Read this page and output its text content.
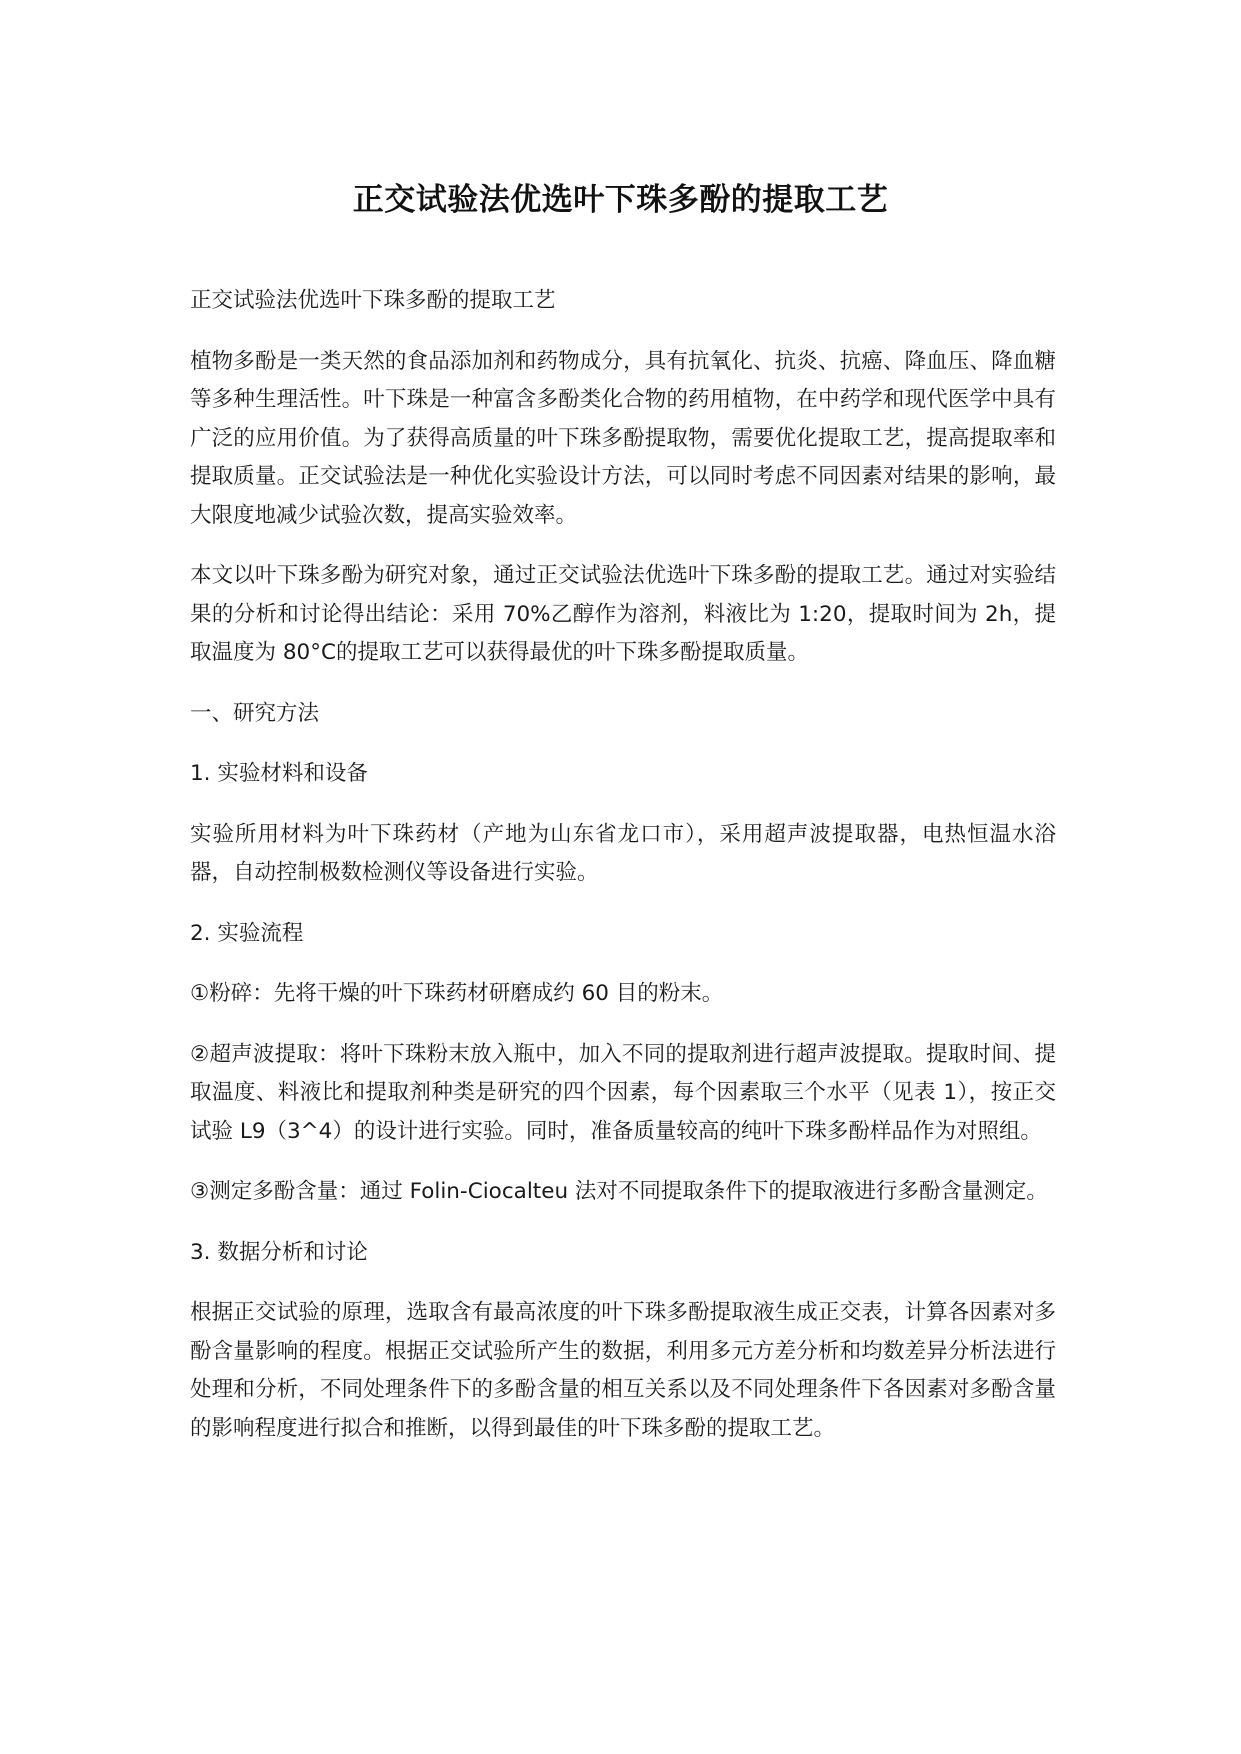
正交试验法优选叶下珠多酚的提取工艺

正交试验法优选叶下珠多酚的提取工艺

植物多酚是一类天然的食品添加剂和药物成分，具有抗氧化、抗炎、抗癌、降血压、降血糖等多种生理活性。叶下珠是一种富含多酚类化合物的药用植物，在中药学和现代医学中具有广泛的应用价值。为了获得高质量的叶下珠多酚提取物，需要优化提取工艺，提高提取率和提取质量。正交试验法是一种优化实验设计方法，可以同时考虑不同因素对结果的影响，最大限度地减少试验次数，提高实验效率。

本文以叶下珠多酚为研究对象，通过正交试验法优选叶下珠多酚的提取工艺。通过对实验结果的分析和讨论得出结论：采用 70%乙醇作为溶剂，料液比为 1:20，提取时间为 2h，提取温度为 80°C的提取工艺可以获得最优的叶下珠多酚提取质量。

一、研究方法

1. 实验材料和设备

实验所用材料为叶下珠药材（产地为山东省龙口市），采用超声波提取器，电热恒温水浴器，自动控制极数检测仪等设备进行实验。

2. 实验流程

①粉碎：先将干燥的叶下珠药材研磨成约 60 目的粉末。

②超声波提取：将叶下珠粉末放入瓶中，加入不同的提取剂进行超声波提取。提取时间、提取温度、料液比和提取剂种类是研究的四个因素，每个因素取三个水平（见表 1），按正交试验 L9（3^4）的设计进行实验。同时，准备质量较高的纯叶下珠多酚样品作为对照组。

③测定多酚含量：通过 Folin-Ciocalteu 法对不同提取条件下的提取液进行多酚含量测定。

3. 数据分析和讨论

根据正交试验的原理，选取含有最高浓度的叶下珠多酚提取液生成正交表，计算各因素对多酚含量影响的程度。根据正交试验所产生的数据，利用多元方差分析和均数差异分析法进行处理和分析，不同处理条件下的多酚含量的相互关系以及不同处理条件下各因素对多酚含量的影响程度进行拟合和推断，以得到最佳的叶下珠多酚的提取工艺。
